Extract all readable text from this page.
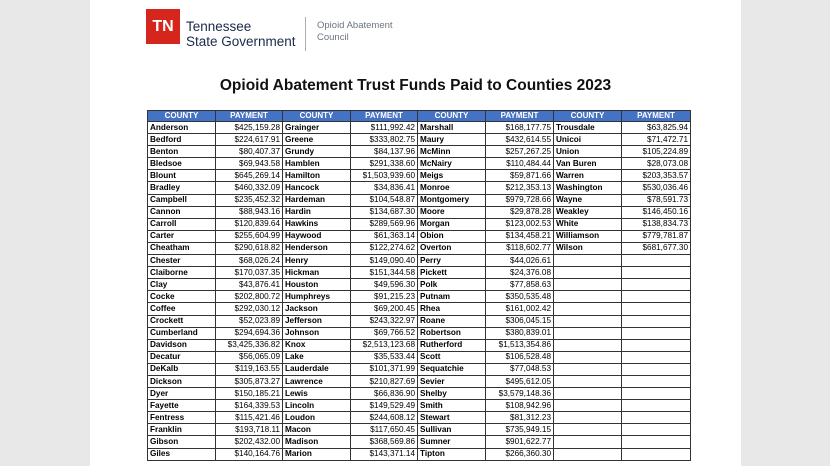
TN Tennessee
State Government
Opioid Abatement
Council
Opioid Abatement Trust Funds Paid to Counties 2023
COUNTY	PAYMENT	COUNTY	PAYMENT	COUNTY	PAYMENT	COUNTY	PAYMENT
Anderson	$425,159.28	Grainger	$111,992.42	Marshall	$168,177.75	Trousdale	$63,825.94
Bedford	$224,617.91	Greene	$333,802.75	Maury	$432,614.55	Unicoi	$71,472.71
Benton	$80,407.37	Grundy	$84,137.96	McMinn	$257,267.25	Union	$105,224.89
Bledsoe	$69,943.58	Hamblen	$291,338.60	McNairy	$110,484.44	Van Buren	$28,073.08
Blount	$645,269.14	Hamilton	$1,503,939.60	Meigs	$59,871.66	Warren	$203,353.57
Bradley	$460,332.09	Hancock	$34,836.41	Monroe	$212,353.13	Washington	$530,036.46
Campbell	$235,452.32	Hardeman	$104,548.87	Montgomery	$979,728.66	Wayne	$78,591.73
Cannon	$88,943.16	Hardin	$134,687.30	Moore	$29,878.28	Weakley	$146,450.16
Carroll	$120,839.64	Hawkins	$289,569.96	Morgan	$123,002.53	White	$138,834.73
Carter	$255,604.99	Haywood	$61,363.14	Obion	$134,458.21	Williamson	$779,781.87
Cheatham	$290,618.82	Henderson	$122,274.62	Overton	$118,602.77	Wilson	$681,677.30
Chester	$68,026.24	Henry	$149,090.40	Perry	$44,026.61		
Claiborne	$170,037.35	Hickman	$151,344.58	Pickett	$24,376.08		
Clay	$43,876.41	Houston	$49,596.30	Polk	$77,858.63		
Cocke	$202,800.72	Humphreys	$91,215.23	Putnam	$350,535.48		
Coffee	$292,030.12	Jackson	$69,200.45	Rhea	$161,002.42		
Crockett	$52,023.89	Jefferson	$243,322.97	Roane	$306,045.15		
Cumberland	$294,694.36	Johnson	$69,766.52	Robertson	$380,839.01		
Davidson	$3,425,336.82	Knox	$2,513,123.68	Rutherford	$1,513,354.86		
Decatur	$56,065.09	Lake	$35,533.44	Scott	$106,528.48		
DeKalb	$119,163.55	Lauderdale	$101,371.99	Sequatchie	$77,048.53		
Dickson	$305,873.27	Lawrence	$210,827.69	Sevier	$495,612.05		
Dyer	$150,185.21	Lewis	$66,836.90	Shelby	$3,579,148.36		
Fayette	$164,339.53	Lincoln	$149,529.49	Smith	$108,942.96		
Fentress	$115,421.46	Loudon	$244,608.12	Stewart	$81,312.23		
Franklin	$193,718.11	Macon	$117,650.45	Sullivan	$735,949.15		
Gibson	$202,432.00	Madison	$368,569.86	Sumner	$901,622.77		
Giles	$140,164.76	Marion	$143,371.14	Tipton	$266,360.30		
